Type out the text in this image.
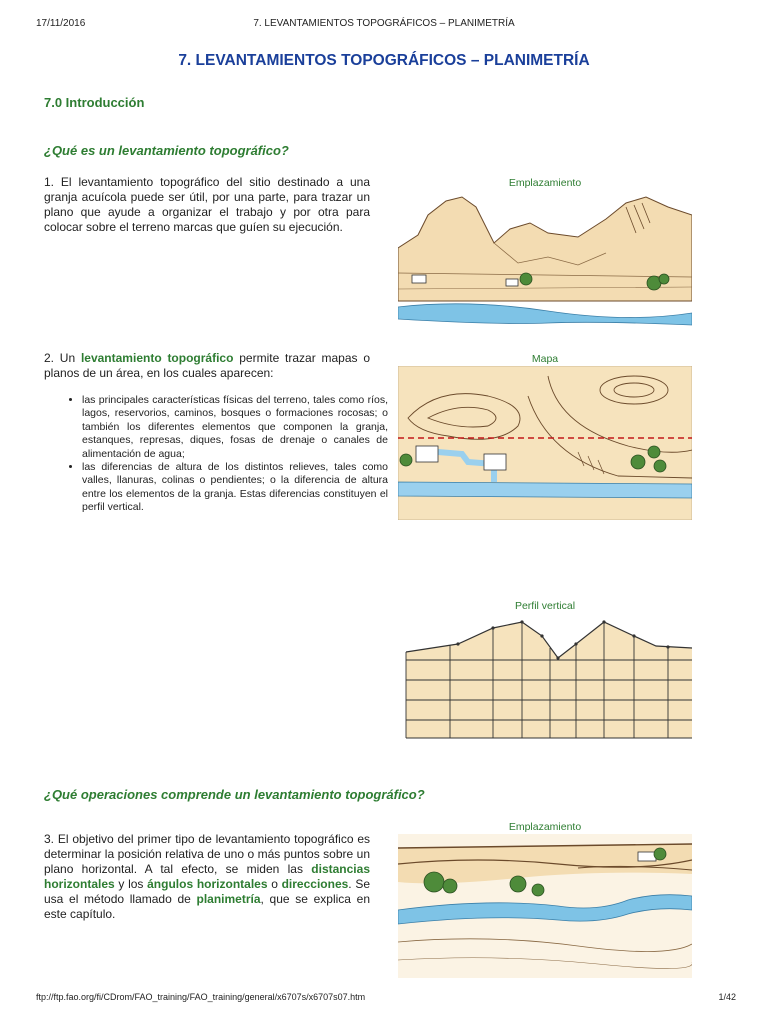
17/11/2016	7. LEVANTAMIENTOS TOPOGRÁFICOS – PLANIMETRÍA
7. LEVANTAMIENTOS TOPOGRÁFICOS – PLANIMETRÍA
7.0 Introducción
¿Qué es un levantamiento topográfico?

1. El levantamiento topográfico del sitio destinado a una granja acuícola puede ser útil, por una parte, para trazar un plano que ayude a organizar el trabajo y por otra para colocar sobre el terreno marcas que guíen su ejecución.

2. Un levantamiento topográfico permite trazar mapas o planos de un área, en los cuales aparecen:

• las principales características físicas del terreno, tales como ríos, lagos, reservorios, caminos, bosques o formaciones rocosas; o también los diferentes elementos que componen la granja, estanques, represas, diques, fosas de drenaje o canales de alimentación de agua;
• las diferencias de altura de los distintos relieves, tales como valles, llanuras, colinas o pendientes; o la diferencia de altura entre los elementos de la granja. Estas diferencias constituyen el perfil vertical.
¿Qué operaciones comprende un levantamiento topográfico?

3. El objetivo del primer tipo de levantamiento topográfico es determinar la posición relativa de uno o más puntos sobre un plano horizontal. A tal efecto, se miden las distancias horizontales y los ángulos horizontales o direcciones. Se usa el método llamado de planimetría, que se explica en este capítulo.

Emplazamiento
Mapa
Perfil vertical
Emplazamiento
ftp://ftp.fao.org/fi/CDrom/FAO_training/FAO_training/general/x6707s/x6707s07.htm	1/42
